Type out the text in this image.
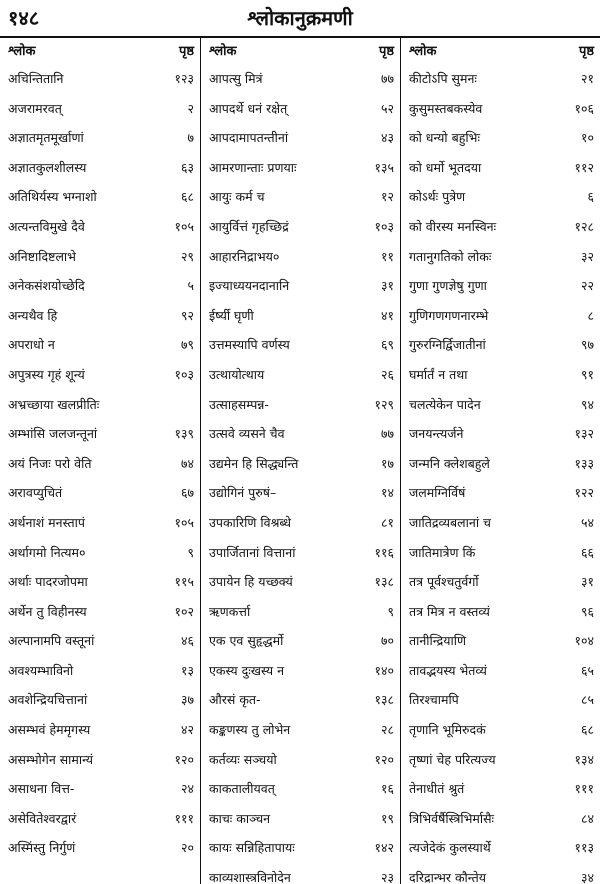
१४८	श्लोकानुक्रमणी
श्लोक	पृष्ठ
अचिन्तितानि	१२३
अजरामरवत्	२
अज्ञातमृतमूर्खाणां	७
अज्ञातकुलशीलस्य	६३
अतिथिर्यस्य भग्नाशो	६८
अत्यन्तविमुखे दैवे	१०५
अनिष्टादिष्टलाभे	२९
अनेकसंशयोच्छेदि	५
अन्यथैव हि	९२
अपराधो न	७९
अपुत्रस्य गृहं शून्यं	१०३
अभ्रच्छाया खलप्रीतिः
अम्भांसि जलजन्तूनां	१३९
अयं निजः परो वेति	७४
अरावप्युचितं	६७
अर्थनाशं मनस्तापं	१०५
अर्थागमो नित्यम०	९
अर्थाः पादरजोपमा	११५
अर्थेन तु विहीनस्य	१०२
अल्पानामपि वस्तूनां	४६
अवश्यम्भाविनो	१३
अवशेन्द्रियचित्तानां	३७
असम्भवं हेममृगस्य	४२
असम्भोगेन सामान्यं	१२०
असाधना वित्त-	२४
असेवितेश्वरद्वारं	१११
अस्मिंस्तु निर्गुणं	२०
श्लोक	पृष्ठ
आपत्सु मित्रं	७७
आपदर्थे धनं रक्षेत्	५२
आपदामापतन्तीनां	४३
आमरणान्ताः प्रणयाः	१३५
आयुः कर्म च	१२
आयुर्वित्तं गृहच्छिद्रं	१०३
आहारनिद्राभय०	११
इज्याध्ययनदानानि	३१
ईर्ष्यी घृणी	४१
उत्तमस्यापि वर्णस्य	६९
उत्थायोत्थाय	२६
उत्साहसम्पन्न-	१२९
उत्सवे व्यसने चैव	७७
उद्यमेन हि सिद्ध्यन्ति	१७
उद्योगिनं पुरुषं–	१४
उपकारिणि विश्रब्धे	८१
उपार्जितानां वित्तानां	११६
उपायेन हि यच्छक्यं	१३८
ऋणकर्त्ता	९
एक एव सुहृद्धर्मो	७०
एकस्य दुःखस्य न	१४०
औरसं कृत-	१३८
कङ्कणस्य तु लोभेन	२८
कर्तव्यः सञ्चयो	१२०
काकतालीयवत्	१६
काचः काञ्चन	१९
कायः सन्निहितापायः	१४२
काव्यशास्त्रविनोदेन	२३
श्लोक	पृष्ठ
कीटोऽपि सुमनः	२१
कुसुमस्तबकस्येव	१०६
को धन्यो बहुभिः	१०
को धर्मो भूतदया	११२
कोऽर्थः पुत्रेण	६
को वीरस्य मनस्विनः	१२८
गतानुगतिको लोकः	३२
गुणा गुणज्ञेषु गुणा	२२
गुणिगणगणनारम्भे	८
गुरुरग्निर्द्विजातीनां	९७
घर्मार्तं न तथा	९१
चलत्येकेन पादेन	९४
जनयन्त्यर्जने	१३२
जन्मनि क्लेशबहुले	१३३
जलमग्निर्विषं	१२२
जातिद्रव्यबलानां च	५४
जातिमात्रेण किं	६६
तत्र पूर्वश्चतुर्वर्गो	३१
तत्र मित्र न वस्तव्यं	९६
तानीन्द्रियाणि	१०४
तावद्भयस्य भेतव्यं	६५
तिरश्चामपि	८५
तृणानि भूमिरुदकं	६८
तृष्णां चेह परित्यज्य	१३४
तेनाधीतं श्रुतं	१११
त्रिभिर्वर्षैस्त्रिभिर्मासैः	८४
त्यजेदेकं कुलस्यार्थे	११३
दरिद्रान्भर कौन्तेय	३४
